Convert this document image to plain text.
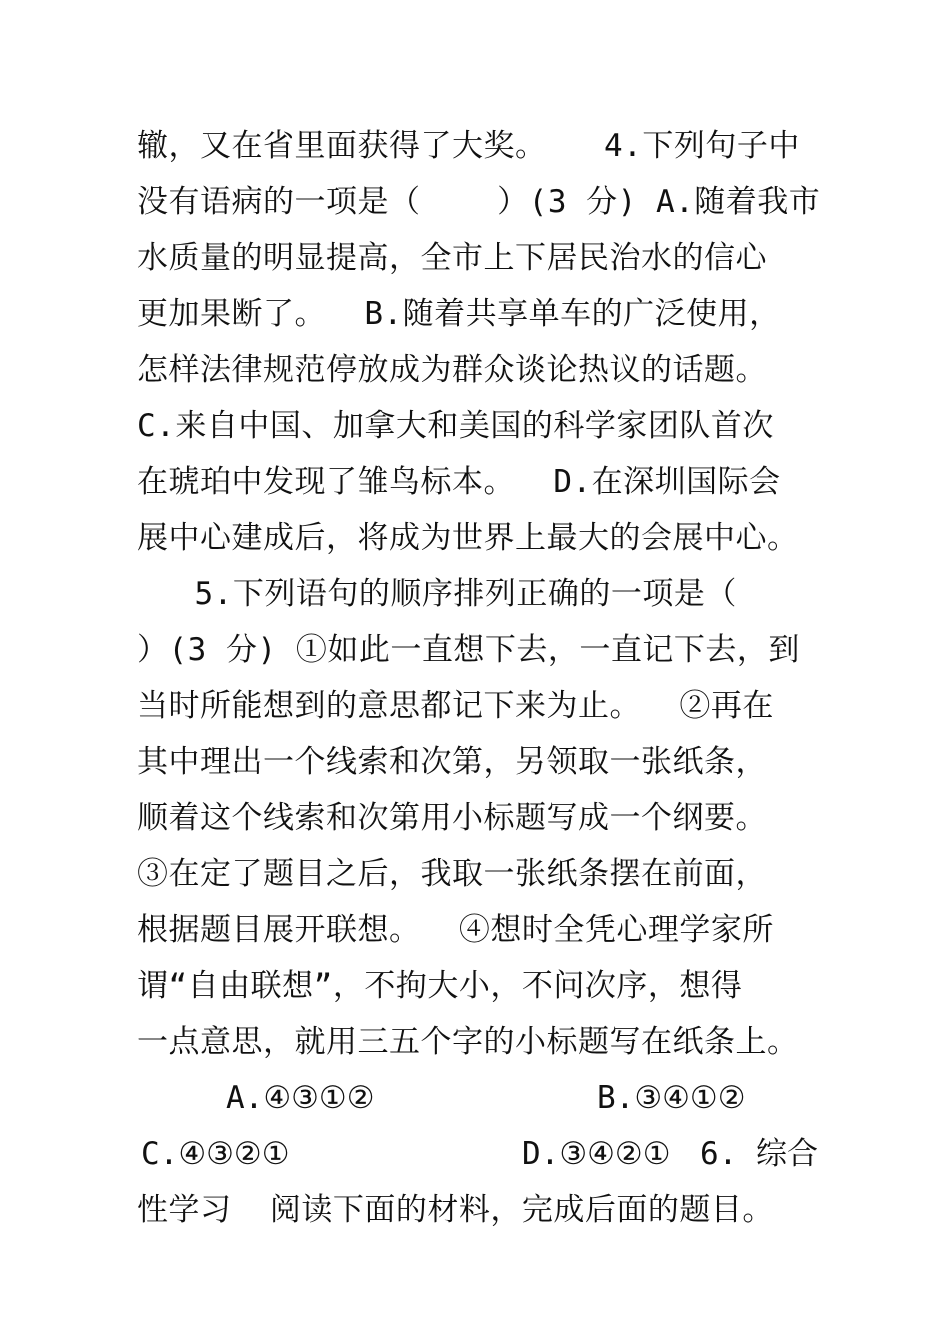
辙，又在省里面获得了大奖。   4.下列句子中
没有语病的一项是（    ）(3 分) A.随着我市
水质量的明显提高，全市上下居民治水的信心
更加果断了。  B.随着共享单车的广泛使用，
怎样法律规范停放成为群众谈论热议的话题。
C.来自中国、加拿大和美国的科学家团队首次
在琥珀中发现了雏鸟标本。  D.在深圳国际会
展中心建成后，将成为世界上最大的会展中心。
5.下列语句的顺序排列正确的一项是（
）(3 分) ①如此一直想下去，一直记下去，到
当时所能想到的意思都记下来为止。  ②再在
其中理出一个线索和次第，另领取一张纸条，
顺着这个线索和次第用小标题写成一个纲要。
③在定了题目之后，我取一张纸条摆在前面，
根据题目展开联想。  ④想时全凭心理学家所
谓“自由联想”，不拘大小，不问次序，想得
一点意思，就用三五个字的小标题写在纸条上。
A.④③①②	B.③④①②
C.④③②①	D.③④②① 6. 综合
性学习  阅读下面的材料，完成后面的题目。
